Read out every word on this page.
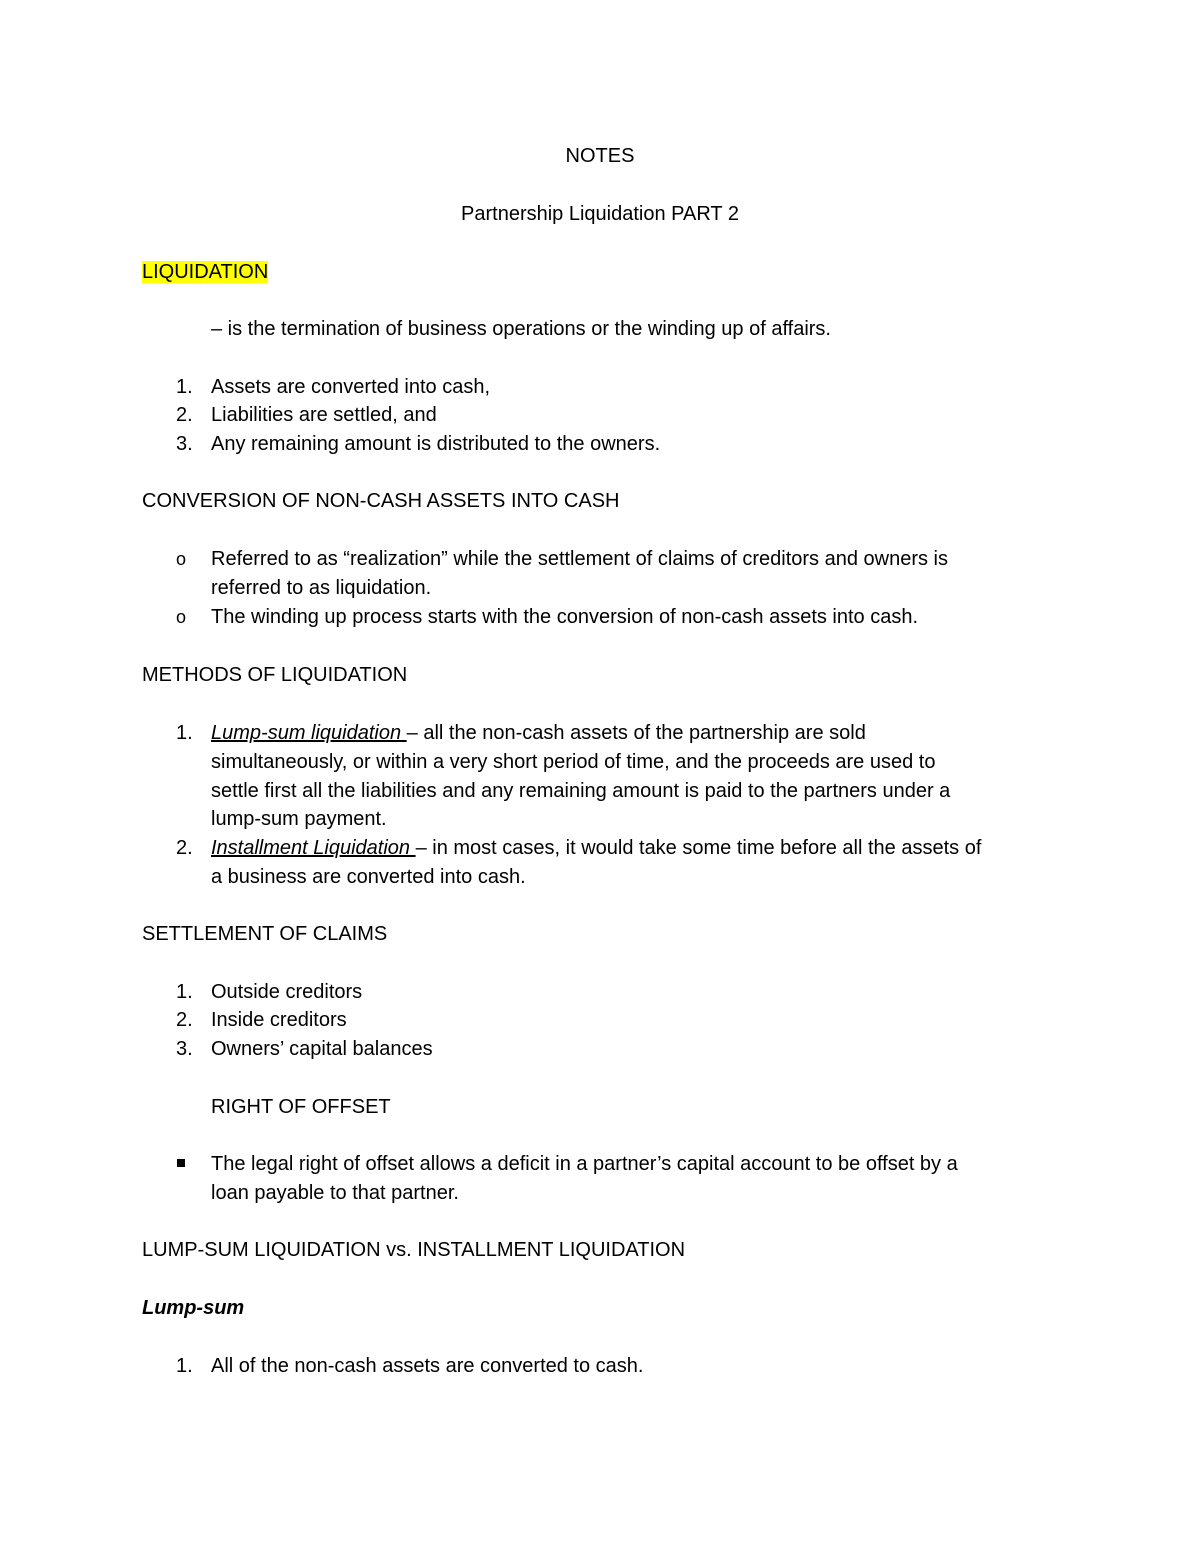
NOTES
Partnership Liquidation PART 2
LIQUIDATION
– is the termination of business operations or the winding up of affairs.
1. Assets are converted into cash,
2. Liabilities are settled, and
3. Any remaining amount is distributed to the owners.
CONVERSION OF NON-CASH ASSETS INTO CASH
o Referred to as “realization” while the settlement of claims of creditors and owners is
referred to as liquidation.
o The winding up process starts with the conversion of non-cash assets into cash.
METHODS OF LIQUIDATION
1. Lump-sum liquidation – all the non-cash assets of the partnership are sold
simultaneously, or within a very short period of time, and the proceeds are used to
settle first all the liabilities and any remaining amount is paid to the partners under a
lump-sum payment.
2. Installment Liquidation – in most cases, it would take some time before all the assets of
a business are converted into cash.
SETTLEMENT OF CLAIMS
1. Outside creditors
2. Inside creditors
3. Owners’ capital balances
RIGHT OF OFFSET
The legal right of offset allows a deficit in a partner’s capital account to be offset by a
loan payable to that partner.
LUMP-SUM LIQUIDATION vs. INSTALLMENT LIQUIDATION
Lump-sum
1. All of the non-cash assets are converted to cash.
